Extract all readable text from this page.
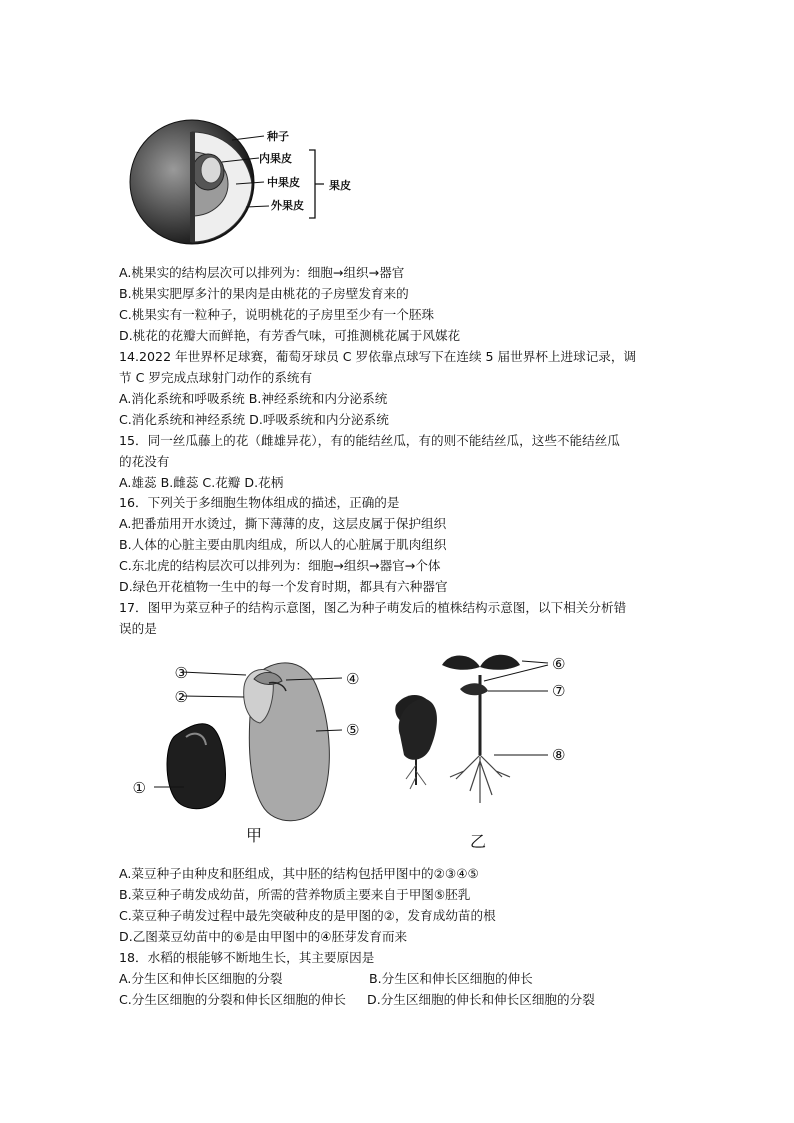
种子
内果皮
中果皮
外果皮
果皮
A.桃果实的结构层次可以排列为：细胞→组织→器官
B.桃果实肥厚多汁的果肉是由桃花的子房壁发育来的
C.桃果实有一粒种子，说明桃花的子房里至少有一个胚珠
D.桃花的花瓣大而鲜艳，有芳香气味，可推测桃花属于风媒花
14.2022 年世界杯足球赛，葡萄牙球员 C 罗依靠点球写下在连续 5 届世界杯上进球记录，调
节 C 罗完成点球射门动作的系统有
A.消化系统和呼吸系统 B.神经系统和内分泌系统
C.消化系统和神经系统 D.呼吸系统和内分泌系统
15．同一丝瓜藤上的花（雌雄异花），有的能结丝瓜，有的则不能结丝瓜，这些不能结丝瓜
的花没有
A.雄蕊 B.雌蕊 C.花瓣 D.花柄
16．下列关于多细胞生物体组成的描述，正确的是
A.把番茄用开水烫过，撕下薄薄的皮，这层皮属于保护组织
B.人体的心脏主要由肌肉组成，所以人的心脏属于肌肉组织
C.东北虎的结构层次可以排列为：细胞→组织→器官→个体
D.绿色开花植物一生中的每一个发育时期，都具有六种器官
17．图甲为菜豆种子的结构示意图，图乙为种子萌发后的植株结构示意图，以下相关分析错
误的是
③
②
①
④
⑤
甲
⑥
⑦
⑧
乙
A.菜豆种子由种皮和胚组成，其中胚的结构包括甲图中的②③④⑤
B.菜豆种子萌发成幼苗，所需的营养物质主要来自于甲图⑤胚乳
C.菜豆种子萌发过程中最先突破种皮的是甲图的②，发育成幼苗的根
D.乙图菜豆幼苗中的⑥是由甲图中的④胚芽发育而来
18．水稻的根能够不断地生长，其主要原因是
A.分生区和伸长区细胞的分裂	B.分生区和伸长区细胞的伸长
C.分生区细胞的分裂和伸长区细胞的伸长 D.分生区细胞的伸长和伸长区细胞的分裂
